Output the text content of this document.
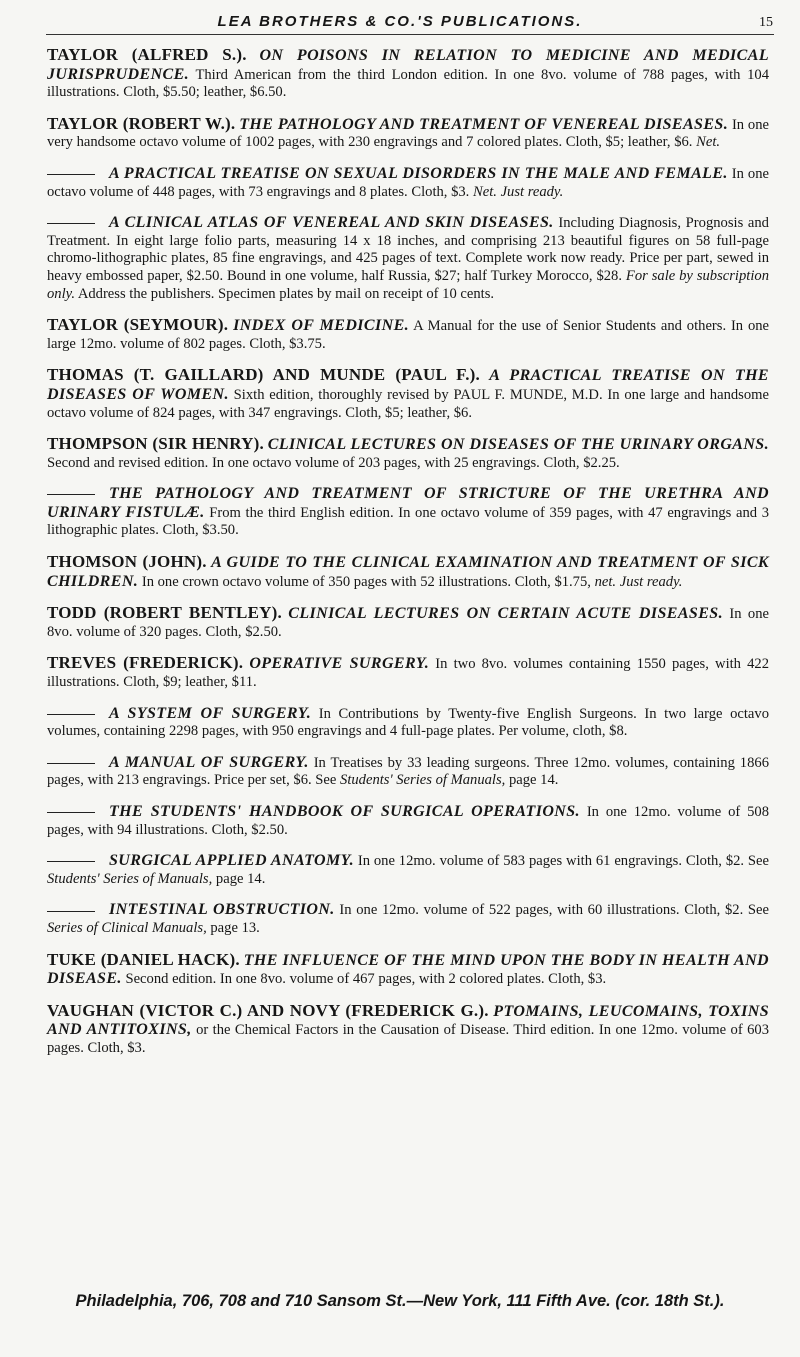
LEA BROTHERS & CO.'S PUBLICATIONS.	15

TAYLOR (ALFRED S.). ON POISONS IN RELATION TO MEDICINE AND MEDICAL JURISPRUDENCE. Third American from the third London edition. In one 8vo. volume of 788 pages, with 104 illustrations. Cloth, $5.50; leather, $6.50.

TAYLOR (ROBERT W.). THE PATHOLOGY AND TREATMENT OF VENEREAL DISEASES. In one very handsome octavo volume of 1002 pages, with 230 engravings and 7 colored plates. Cloth, $5; leather, $6. Net.

A PRACTICAL TREATISE ON SEXUAL DISORDERS IN THE MALE AND FEMALE. In one octavo volume of 448 pages, with 73 engravings and 8 plates. Cloth, $3. Net. Just ready.

A CLINICAL ATLAS OF VENEREAL AND SKIN DISEASES. Including Diagnosis, Prognosis and Treatment. In eight large folio parts, measuring 14 x 18 inches, and comprising 213 beautiful figures on 58 full-page chromo-lithographic plates, 85 fine engravings, and 425 pages of text. Complete work now ready. Price per part, sewed in heavy embossed paper, $2.50. Bound in one volume, half Russia, $27; half Turkey Morocco, $28. For sale by subscription only. Address the publishers. Specimen plates by mail on receipt of 10 cents.

TAYLOR (SEYMOUR). INDEX OF MEDICINE. A Manual for the use of Senior Students and others. In one large 12mo. volume of 802 pages. Cloth, $3.75.

THOMAS (T. GAILLARD) AND MUNDE (PAUL F.). A PRACTICAL TREATISE ON THE DISEASES OF WOMEN. Sixth edition, thoroughly revised by PAUL F. MUNDE, M.D. In one large and handsome octavo volume of 824 pages, with 347 engravings. Cloth, $5; leather, $6.

THOMPSON (SIR HENRY). CLINICAL LECTURES ON DISEASES OF THE URINARY ORGANS. Second and revised edition. In one octavo volume of 203 pages, with 25 engravings. Cloth, $2.25.

THE PATHOLOGY AND TREATMENT OF STRICTURE OF THE URETHRA AND URINARY FISTULÆ. From the third English edition. In one octavo volume of 359 pages, with 47 engravings and 3 lithographic plates. Cloth, $3.50.

THOMSON (JOHN). A GUIDE TO THE CLINICAL EXAMINATION AND TREATMENT OF SICK CHILDREN. In one crown octavo volume of 350 pages with 52 illustrations. Cloth, $1.75, net. Just ready.

TODD (ROBERT BENTLEY). CLINICAL LECTURES ON CERTAIN ACUTE DISEASES. In one 8vo. volume of 320 pages. Cloth, $2.50.

TREVES (FREDERICK). OPERATIVE SURGERY. In two 8vo. volumes containing 1550 pages, with 422 illustrations. Cloth, $9; leather, $11.

A SYSTEM OF SURGERY. In Contributions by Twenty-five English Surgeons. In two large octavo volumes, containing 2298 pages, with 950 engravings and 4 full-page plates. Per volume, cloth, $8.

A MANUAL OF SURGERY. In Treatises by 33 leading surgeons. Three 12mo. volumes, containing 1866 pages, with 213 engravings. Price per set, $6. See Students' Series of Manuals, page 14.

THE STUDENTS' HANDBOOK OF SURGICAL OPERATIONS. In one 12mo. volume of 508 pages, with 94 illustrations. Cloth, $2.50.

SURGICAL APPLIED ANATOMY. In one 12mo. volume of 583 pages with 61 engravings. Cloth, $2. See Students' Series of Manuals, page 14.

INTESTINAL OBSTRUCTION. In one 12mo. volume of 522 pages, with 60 illustrations. Cloth, $2. See Series of Clinical Manuals, page 13.

TUKE (DANIEL HACK). THE INFLUENCE OF THE MIND UPON THE BODY IN HEALTH AND DISEASE. Second edition. In one 8vo. volume of 467 pages, with 2 colored plates. Cloth, $3.

VAUGHAN (VICTOR C.) AND NOVY (FREDERICK G.). PTOMAINS, LEUCOMAINS, TOXINS AND ANTITOXINS, or the Chemical Factors in the Causation of Disease. Third edition. In one 12mo. volume of 603 pages. Cloth, $3.

Philadelphia, 706, 708 and 710 Sansom St.—New York, 111 Fifth Ave. (cor. 18th St.).
